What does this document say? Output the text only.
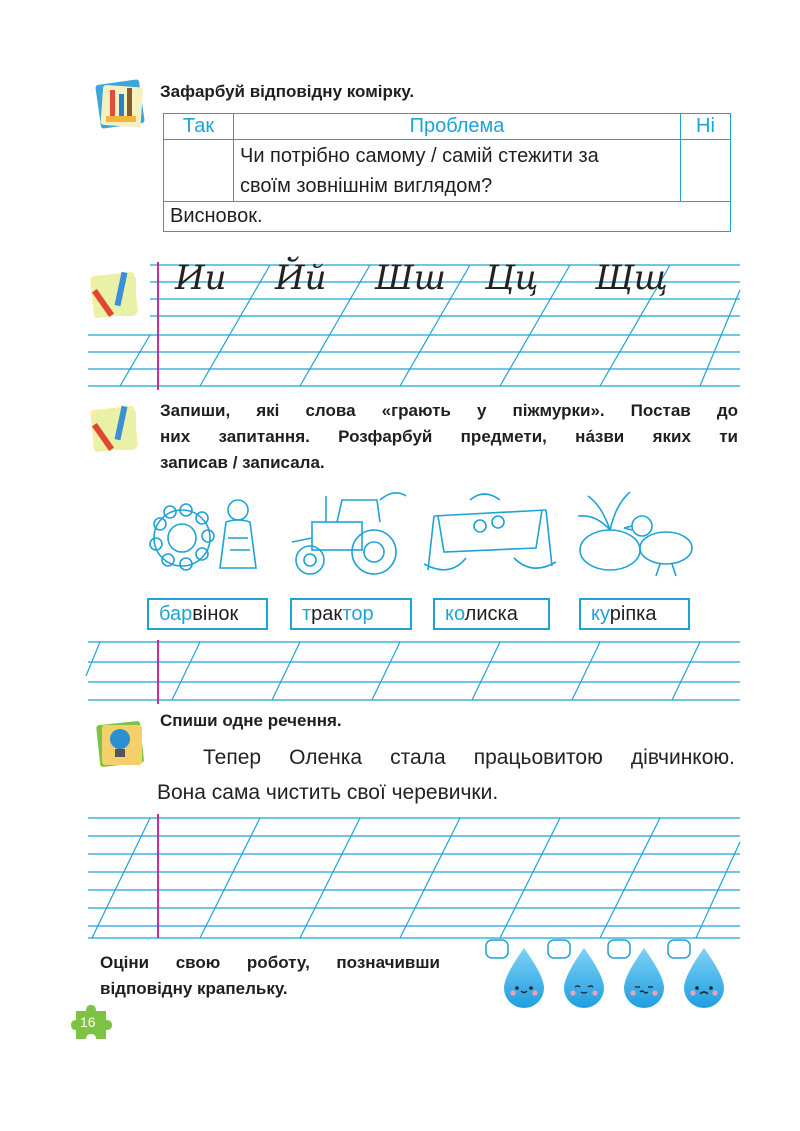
Зафарбуй відповідну комірку.
Так	Проблема	Ні

	Чи потрібно самому / самій стежити за
своїм зовнішнім виглядом?	

Висновок.		
Ии Йй Шш Цц Щщ
Запиши, які слова «грають у піжмурки». Постав до
них запитання. Розфарбуй предмети, на́зви яких ти
записав / записала.
барвінок	трактор	колиска	куріпка
Спиши одне речення.
Тепер Оленка стала працьовитою дівчинкою.
Вона сама чистить свої черевички.
Оціни свою роботу, позначивши
відповідну крапельку.
16
